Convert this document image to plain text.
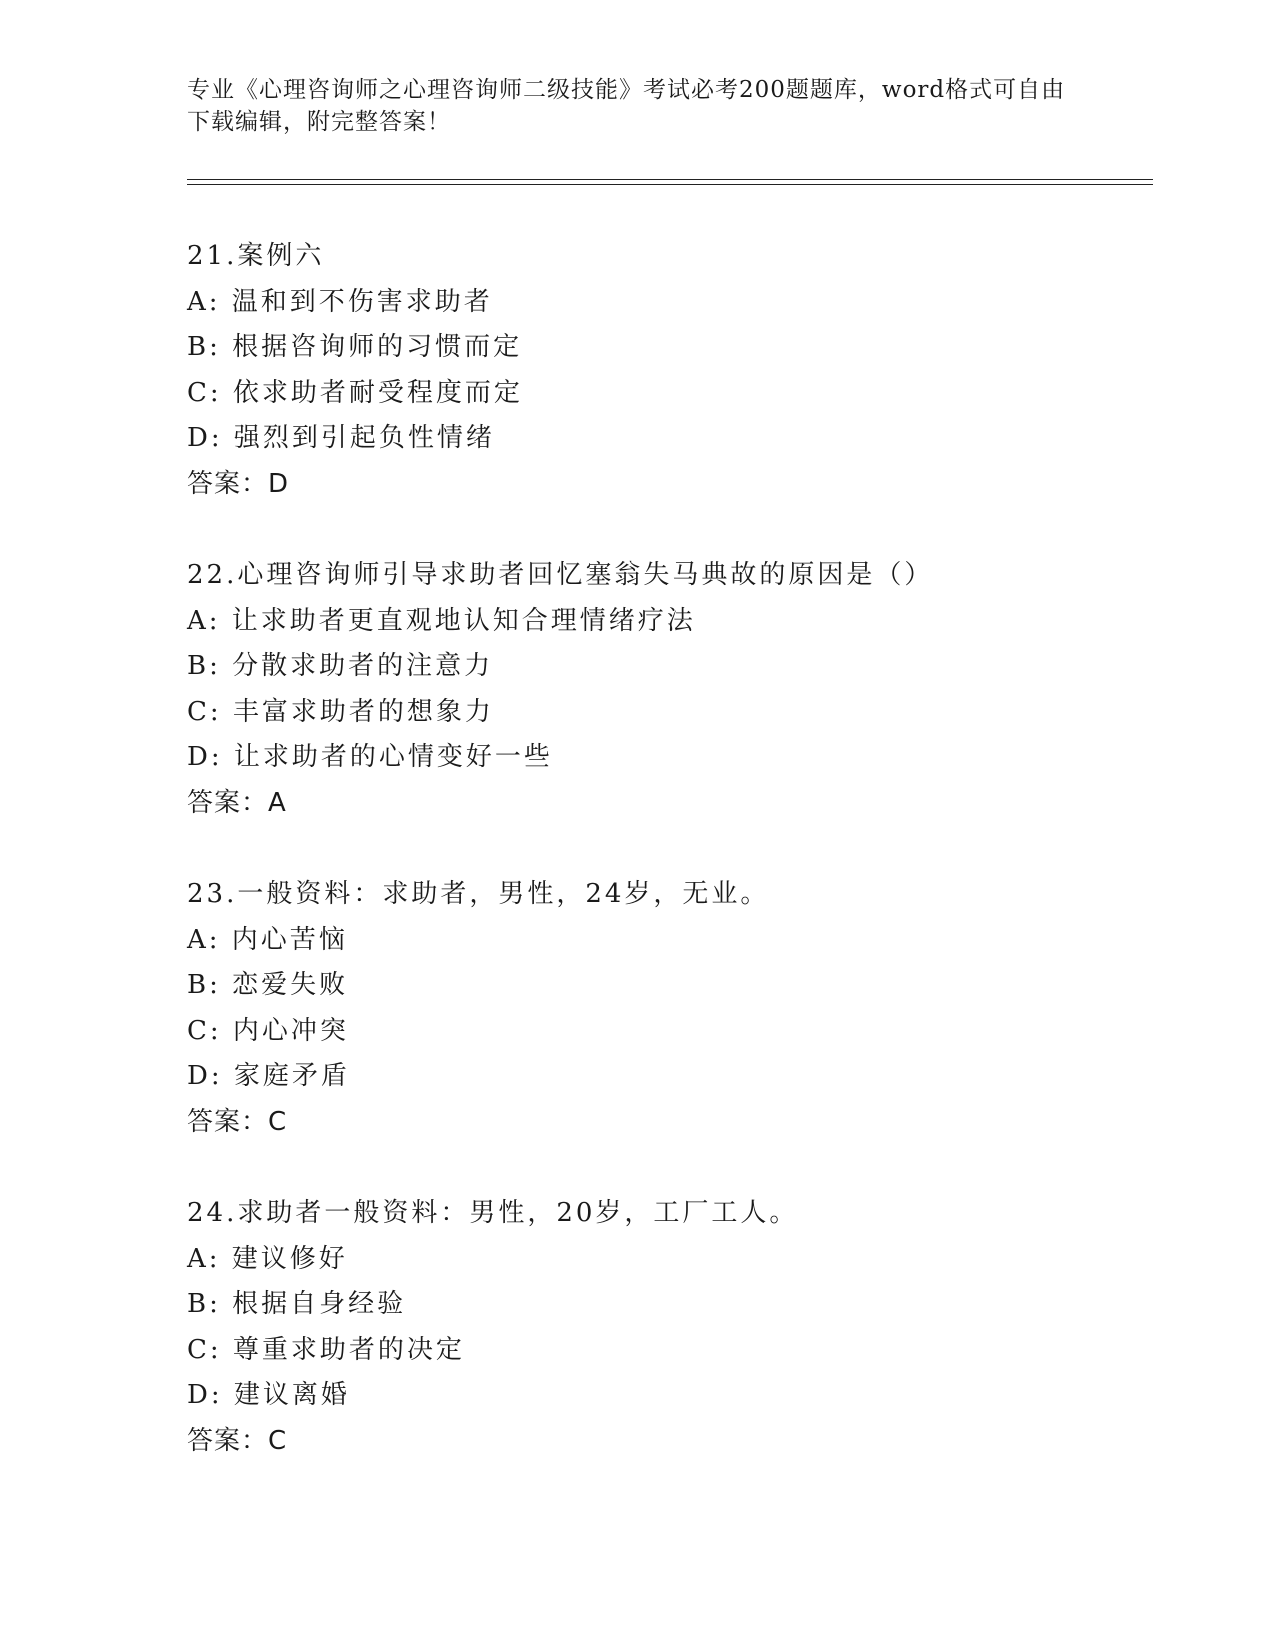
专业《心理咨询师之心理咨询师二级技能》考试必考200题题库，word格式可自由下载编辑，附完整答案！
21.案例六
A: 温和到不伤害求助者
B: 根据咨询师的习惯而定
C: 依求助者耐受程度而定
D: 强烈到引起负性情绪
答案：D
22.心理咨询师引导求助者回忆塞翁失马典故的原因是（）
A: 让求助者更直观地认知合理情绪疗法
B: 分散求助者的注意力
C: 丰富求助者的想象力
D: 让求助者的心情变好一些
答案：A
23.一般资料：求助者，男性，24岁，无业。
A: 内心苦恼
B: 恋爱失败
C: 内心冲突
D: 家庭矛盾
答案：C
24.求助者一般资料：男性，20岁，工厂工人。
A: 建议修好
B: 根据自身经验
C: 尊重求助者的决定
D: 建议离婚
答案：C
